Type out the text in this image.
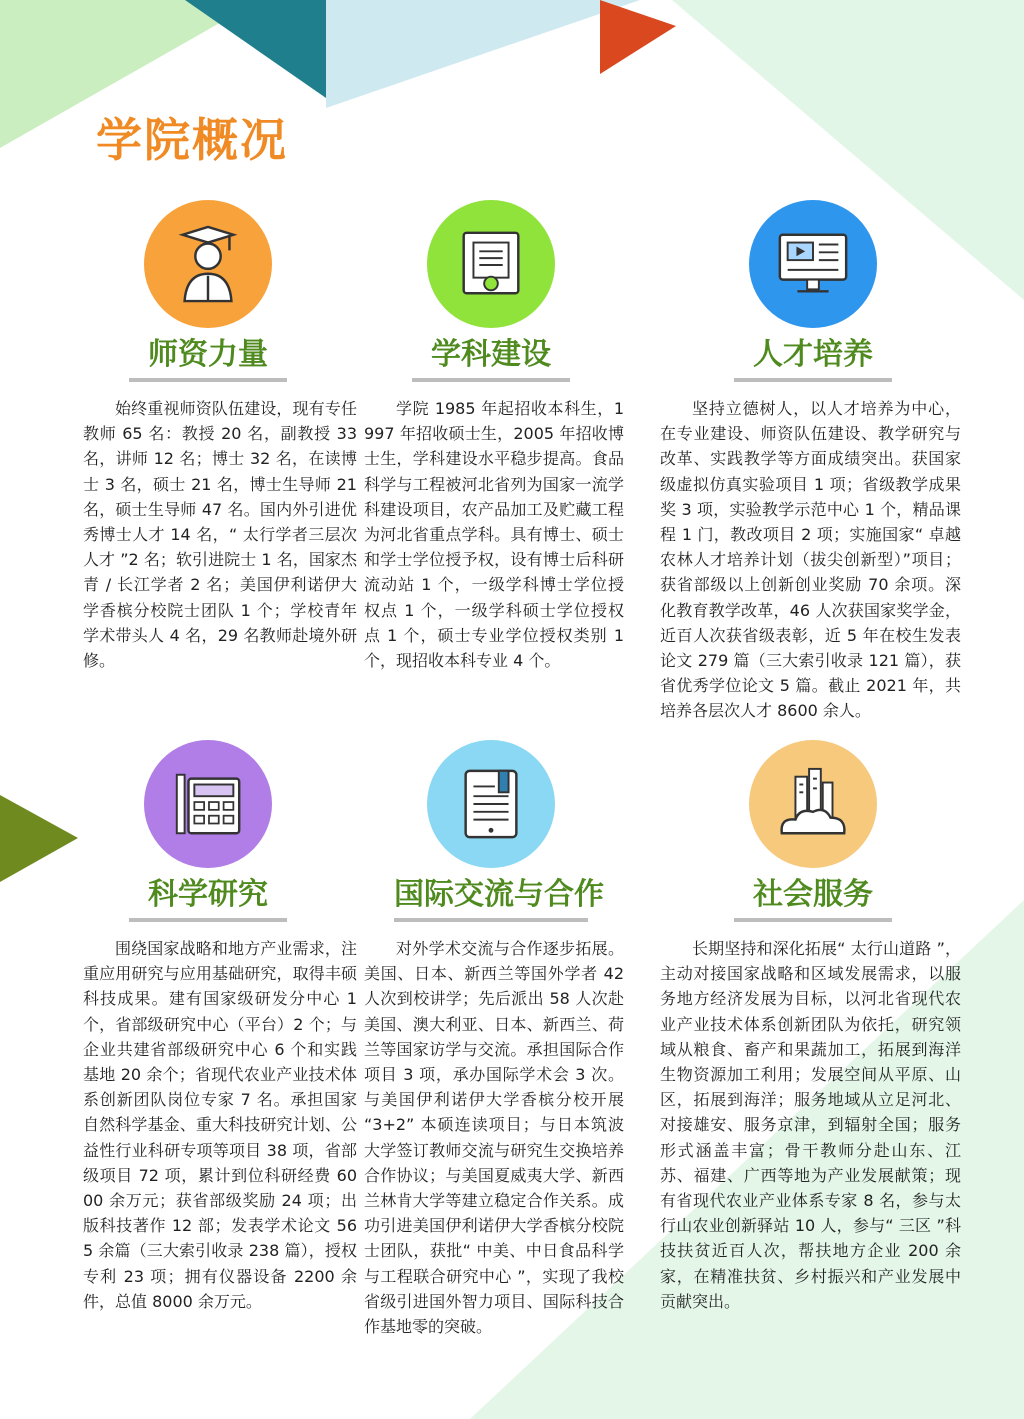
学院概况
师资力量

始终重视师资队伍建设，现有专任教师 65 名：教授 20 名，副教授 33 名，讲师 12 名；博士 32 名，在读博士 3 名，硕士 21 名，博士生导师 21 名，硕士生导师 47 名。国内外引进优秀博士人才 14 名，“ 太行学者三层次人才 ”2 名；软引进院士 1 名，国家杰青 / 长江学者 2 名；美国伊利诺伊大学香槟分校院士团队 1 个；学校青年学术带头人 4 名，29 名教师赴境外研修。

学科建设

学院 1985 年起招收本科生，1997 年招收硕士生，2005 年招收博士生，学科建设水平稳步提高。食品科学与工程被河北省列为国家一流学科建设项目，农产品加工及贮藏工程为河北省重点学科。具有博士、硕士和学士学位授予权，设有博士后科研流动站 1 个，一级学科博士学位授权点 1 个，一级学科硕士学位授权点 1 个，硕士专业学位授权类别 1 个，现招收本科专业 4 个。

人才培养

坚持立德树人，以人才培养为中心，在专业建设、师资队伍建设、教学研究与改革、实践教学等方面成绩突出。获国家级虚拟仿真实验项目 1 项；省级教学成果奖 3 项，实验教学示范中心 1 个，精品课程 1 门，教改项目 2 项；实施国家“ 卓越农林人才培养计划（拔尖创新型）”项目；获省部级以上创新创业奖励 70 余项。深化教育教学改革，46 人次获国家奖学金，近百人次获省级表彰，近 5 年在校生发表论文 279 篇（三大索引收录 121 篇），获省优秀学位论文 5 篇。截止 2021 年，共培养各层次人才 8600 余人。

科学研究

围绕国家战略和地方产业需求，注重应用研究与应用基础研究，取得丰硕科技成果。建有国家级研发分中心 1 个，省部级研究中心（平台）2 个；与企业共建省部级研究中心 6 个和实践基地 20 余个；省现代农业产业技术体系创新团队岗位专家 7 名。承担国家自然科学基金、重大科技研究计划、公益性行业科研专项等项目 38 项，省部级项目 72 项，累计到位科研经费 6000 余万元；获省部级奖励 24 项；出版科技著作 12 部；发表学术论文 565 余篇（三大索引收录 238 篇），授权专利 23 项；拥有仪器设备 2200 余件，总值 8000 余万元。

国际交流与合作

对外学术交流与合作逐步拓展。美国、日本、新西兰等国外学者 42 人次到校讲学；先后派出 58 人次赴美国、澳大利亚、日本、新西兰、荷兰等国家访学与交流。承担国际合作项目 3 项，承办国际学术会 3 次。与美国伊利诺伊大学香槟分校开展 “3+2” 本硕连读项目；与日本筑波大学签订教师交流与研究生交换培养合作协议；与美国夏威夷大学、新西兰林肯大学等建立稳定合作关系。成功引进美国伊利诺伊大学香槟分校院士团队，获批“ 中美、中日食品科学与工程联合研究中心 ”，实现了我校省级引进国外智力项目、国际科技合作基地零的突破。

社会服务

长期坚持和深化拓展“ 太行山道路 ”，主动对接国家战略和区域发展需求，以服务地方经济发展为目标，以河北省现代农业产业技术体系创新团队为依托，研究领域从粮食、畜产和果蔬加工，拓展到海洋生物资源加工利用；发展空间从平原、山区，拓展到海洋；服务地域从立足河北、对接雄安、服务京津，到辐射全国；服务形式涵盖丰富；骨干教师分赴山东、江苏、福建、广西等地为产业发展献策；现有省现代农业产业体系专家 8 名，参与太行山农业创新驿站 10 人，参与“ 三区 ”科技扶贫近百人次，帮扶地方企业 200 余家，在精准扶贫、乡村振兴和产业发展中贡献突出。
